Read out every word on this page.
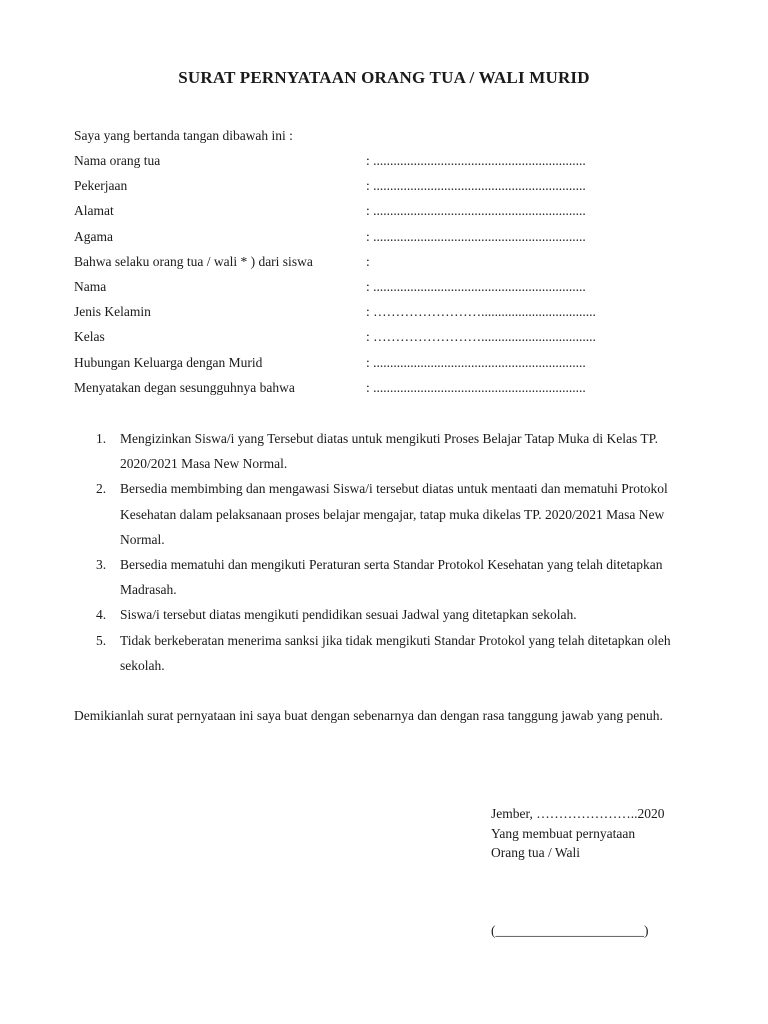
SURAT PERNYATAAN ORANG TUA / WALI MURID
Saya yang bertanda tangan dibawah ini :
Nama orang tua	: ...............................................................
Pekerjaan	: ...............................................................
Alamat	: ...............................................................
Agama	: ...............................................................
Bahwa selaku orang tua / wali * ) dari siswa	:
Nama	: ...............................................................
Jenis Kelamin	: ……………………..................................
Kelas	: ……………………..................................
Hubungan Keluarga dengan Murid	: ...............................................................
Menyatakan degan sesungguhnya bahwa	: ...............................................................
1. Mengizinkan Siswa/i yang Tersebut diatas untuk mengikuti Proses Belajar Tatap Muka di Kelas TP. 2020/2021 Masa New Normal.
2. Bersedia membimbing dan mengawasi Siswa/i tersebut diatas untuk mentaati dan mematuhi Protokol Kesehatan dalam pelaksanaan proses belajar mengajar, tatap muka dikelas TP. 2020/2021 Masa New Normal.
3. Bersedia mematuhi dan mengikuti Peraturan serta Standar Protokol Kesehatan yang telah ditetapkan Madrasah.
4. Siswa/i tersebut diatas mengikuti pendidikan sesuai Jadwal yang ditetapkan sekolah.
5. Tidak berkeberatan menerima sanksi jika tidak mengikuti Standar Protokol yang telah ditetapkan oleh sekolah.
Demikianlah surat pernyataan ini saya buat dengan sebenarnya dan dengan rasa tanggung jawab yang penuh.
Jember, …………………..2020
Yang membuat pernyataan
Orang tua / Wali
(______________________)
